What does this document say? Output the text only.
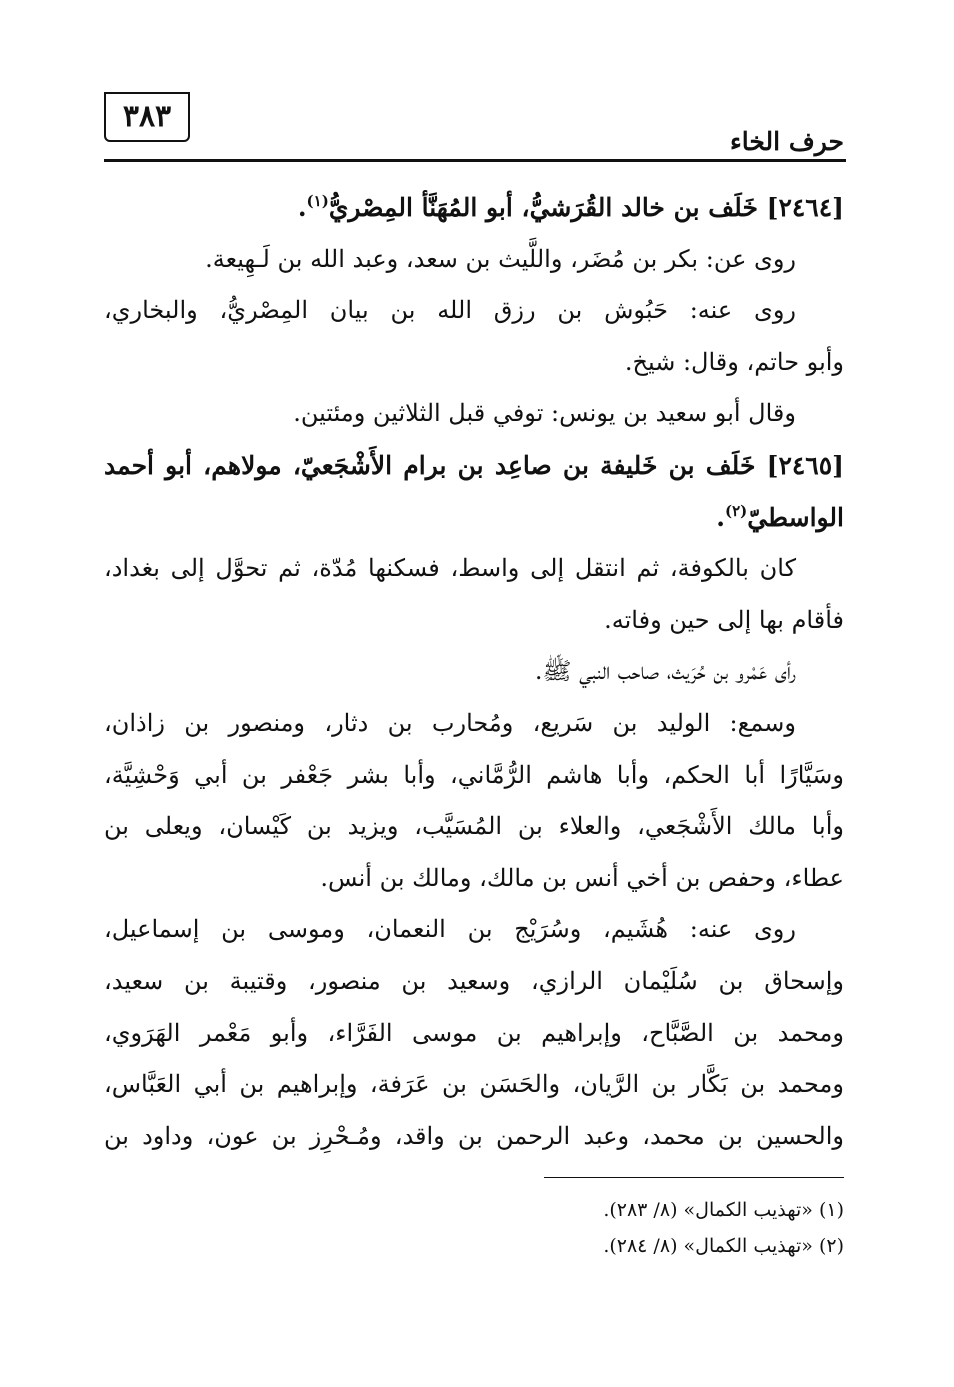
حرف الخاء
٣٨٣
[٢٤٦٤] خَلَف بن خالد القُرَشيُّ، أبو المُهَنَّأ المِصْريُّ$^{(١)}$.
روى عن: بكر بن مُضَر، واللَّيث بن سعد، وعبد الله بن لَـهِيعة.
روى عنه: حَبُوش بن رزق الله بن بيان المِصْريُّ، والبخاري،
وأبو حاتم، وقال: شيخ.
وقال أبو سعيد بن يونس: توفي قبل الثلاثين ومئتين.
[٢٤٦٥] خَلَف بن خَليفة بن صاعِد بن برام الأَشْجَعيّ، مولاهم، أبو أحمد
الواسطيّ$^{(٢)}$.
كان بالكوفة، ثم انتقل إلى واسط، فسكنها مُدّة، ثم تحوَّل إلى بغداد،
فأقام بها إلى حين وفاته.
رأى عَمْرو بن حُرَيث، صاحب النبي ﷺ.
وسمع: الوليد بن سَريع، ومُحارب بن دثار، ومنصور بن زاذان،
وسَيَّارًا أبا الحكم، وأبا هاشم الرُّمَّاني، وأبا بشر جَعْفر بن أبي وَحْشِيَّة،
وأبا مالك الأَشْجَعي، والعلاء بن المُسَيَّب، ويزيد بن كَيْسان، ويعلى بن
عطاء، وحفص بن أخي أنس بن مالك، ومالك بن أنس.
روى عنه: هُشَيم، وسُرَيْج بن النعمان، وموسى بن إسماعيل،
وإسحاق بن سُلَيْمان الرازي، وسعيد بن منصور، وقتيبة بن سعيد،
ومحمد بن الصَّبَّاح، وإبراهيم بن موسى الفَرَّاء، وأبو مَعْمر الهَرَوي،
ومحمد بن بَكَّار بن الرَّيان، والحَسَن بن عَرَفة، وإبراهيم بن أبي العَبَّاس،
والحسين بن محمد، وعبد الرحمن بن واقد، ومُـحْرِز بن عون، وداود بن
(١) «تهذيب الكمال» (٨/ ٢٨٣).
(٢) «تهذيب الكمال» (٨/ ٢٨٤).
